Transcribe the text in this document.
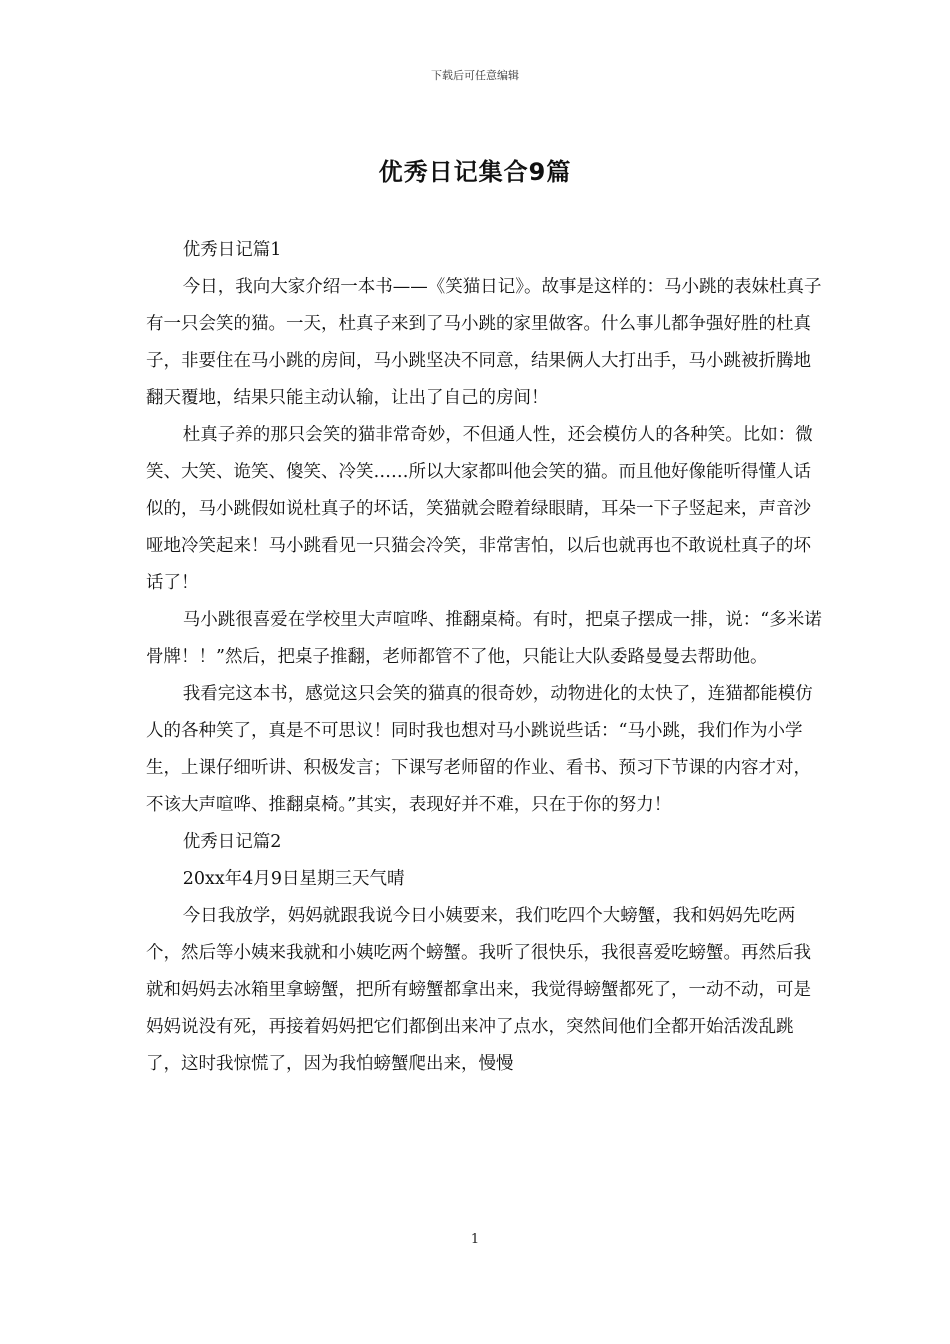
下载后可任意编辑
优秀日记集合9篇

优秀日记篇1

今日，我向大家介绍一本书——《笑猫日记》。故事是这样的：马小跳的表妹杜真子有一只会笑的猫。一天，杜真子来到了马小跳的家里做客。什么事儿都争强好胜的杜真子，非要住在马小跳的房间，马小跳坚决不同意，结果俩人大打出手，马小跳被折腾地翻天覆地，结果只能主动认输，让出了自己的房间！

杜真子养的那只会笑的猫非常奇妙，不但通人性，还会模仿人的各种笑。比如：微笑、大笑、诡笑、傻笑、冷笑……所以大家都叫他会笑的猫。而且他好像能听得懂人话似的，马小跳假如说杜真子的坏话，笑猫就会瞪着绿眼睛，耳朵一下子竖起来，声音沙哑地冷笑起来！马小跳看见一只猫会冷笑，非常害怕，以后也就再也不敢说杜真子的坏话了！

马小跳很喜爱在学校里大声喧哗、推翻桌椅。有时，把桌子摆成一排，说：“多米诺骨牌！！”然后，把桌子推翻，老师都管不了他，只能让大队委路曼曼去帮助他。

我看完这本书，感觉这只会笑的猫真的很奇妙，动物进化的太快了，连猫都能模仿人的各种笑了，真是不可思议！同时我也想对马小跳说些话：“马小跳，我们作为小学生，上课仔细听讲、积极发言；下课写老师留的作业、看书、预习下节课的内容才对，不该大声喧哗、推翻桌椅。”其实，表现好并不难，只在于你的努力！

优秀日记篇2

20xx年4月9日星期三天气晴

今日我放学，妈妈就跟我说今日小姨要来，我们吃四个大螃蟹，我和妈妈先吃两个，然后等小姨来我就和小姨吃两个螃蟹。我听了很快乐，我很喜爱吃螃蟹。再然后我就和妈妈去冰箱里拿螃蟹，把所有螃蟹都拿出来，我觉得螃蟹都死了，一动不动，可是妈妈说没有死，再接着妈妈把它们都倒出来冲了点水，突然间他们全都开始活泼乱跳了，这时我惊慌了，因为我怕螃蟹爬出来，慢慢

1
